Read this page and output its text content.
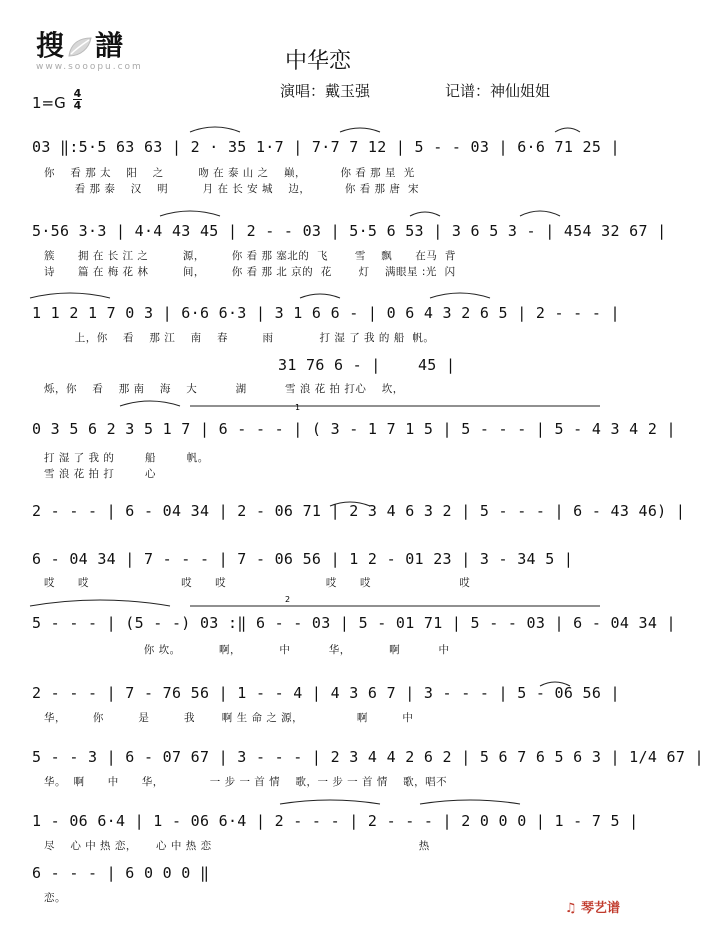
搜 譜
www.sooopu.com	中华恋
演唱：戴玉强	记谱：神仙姐姐
1=G
4
4
1
2
03 ‖:5·5 63 63 | 2 · 35 1·7 | 7·7 7 12 | 5 - - 03 | 6·6 71 25 |
你    看 那 太    阳    之         吻 在 泰 山 之    巅，         你 看 那 星  光
看 那 泰    汉    明         月 在 长 安 城    边，         你 看 那 唐  宋
5·56 3·3 | 4·4 43 45 | 2 - - 03 | 5·5 6 53 | 3 6 5 3 - | 454 32 67 |
簇      拥 在 长 江 之         源，       你 看 那 塞北的  飞       雪    飘      在马  背
诗      篇 在 梅 花 林         间，       你 看 那 北 京的  花       灯    满眼星 :光  闪
1 1 2 1 7 0 3 | 6·6 6·3 | 3 1 6 6 - | 0 6 4 3 2 6 5 | 2 - - - |
上，你    看    那 江    南    春         雨            打 湿 了 我 的 船  帆。
31 76 6 - |    45 |
烁，你    看    那 南    海    大          湖          雪 浪 花 拍 打心    坎，
0 3 5 6 2 3 5 1 7 | 6 - - - | ( 3 - 1 7 1 5 | 5 - - - | 5 - 4 3 4 2 |
打 湿 了 我 的        船        帆。
雪 浪 花 拍 打        心
2 - - - | 6 - 04 34 | 2 - 06 71 | 2 3 4 6 3 2 | 5 - - - | 6 - 43 46) |
6 - 04 34 | 7 - - - | 7 - 06 56 | 1 2 - 01 23 | 3 - 34 5 |
哎      哎                        哎      哎                          哎      哎                       哎
5 - - - | (5 - -) 03 :‖ 6 - - 03 | 5 - 01 71 | 5 - - 03 | 6 - 04 34 |
你 坎。          啊，          中          华，          啊          中
2 - - - | 7 - 76 56 | 1 - - 4 | 4 3 6 7 | 3 - - - | 5 - 06 56 |
华，       你         是         我       啊 生 命 之 源，              啊         中
5 - - 3 | 6 - 07 67 | 3 - - - | 2 3 4 4 2 6 2 | 5 6 7 6 5 6 3 | 1/4 67 |
华。  啊      中      华，            一 步 一 首 情    歌，一 步 一 首 情    歌，唱不
1 - 06 6·4 | 1 - 06 6·4 | 2 - - - | 2 - - - | 2 0 0 0 | 1 - 7 5 |
尽    心 中 热 恋，     心 中 热 恋                                                      热
6 - - - | 6 0 0 0 ‖
恋。
♫ 琴艺谱
